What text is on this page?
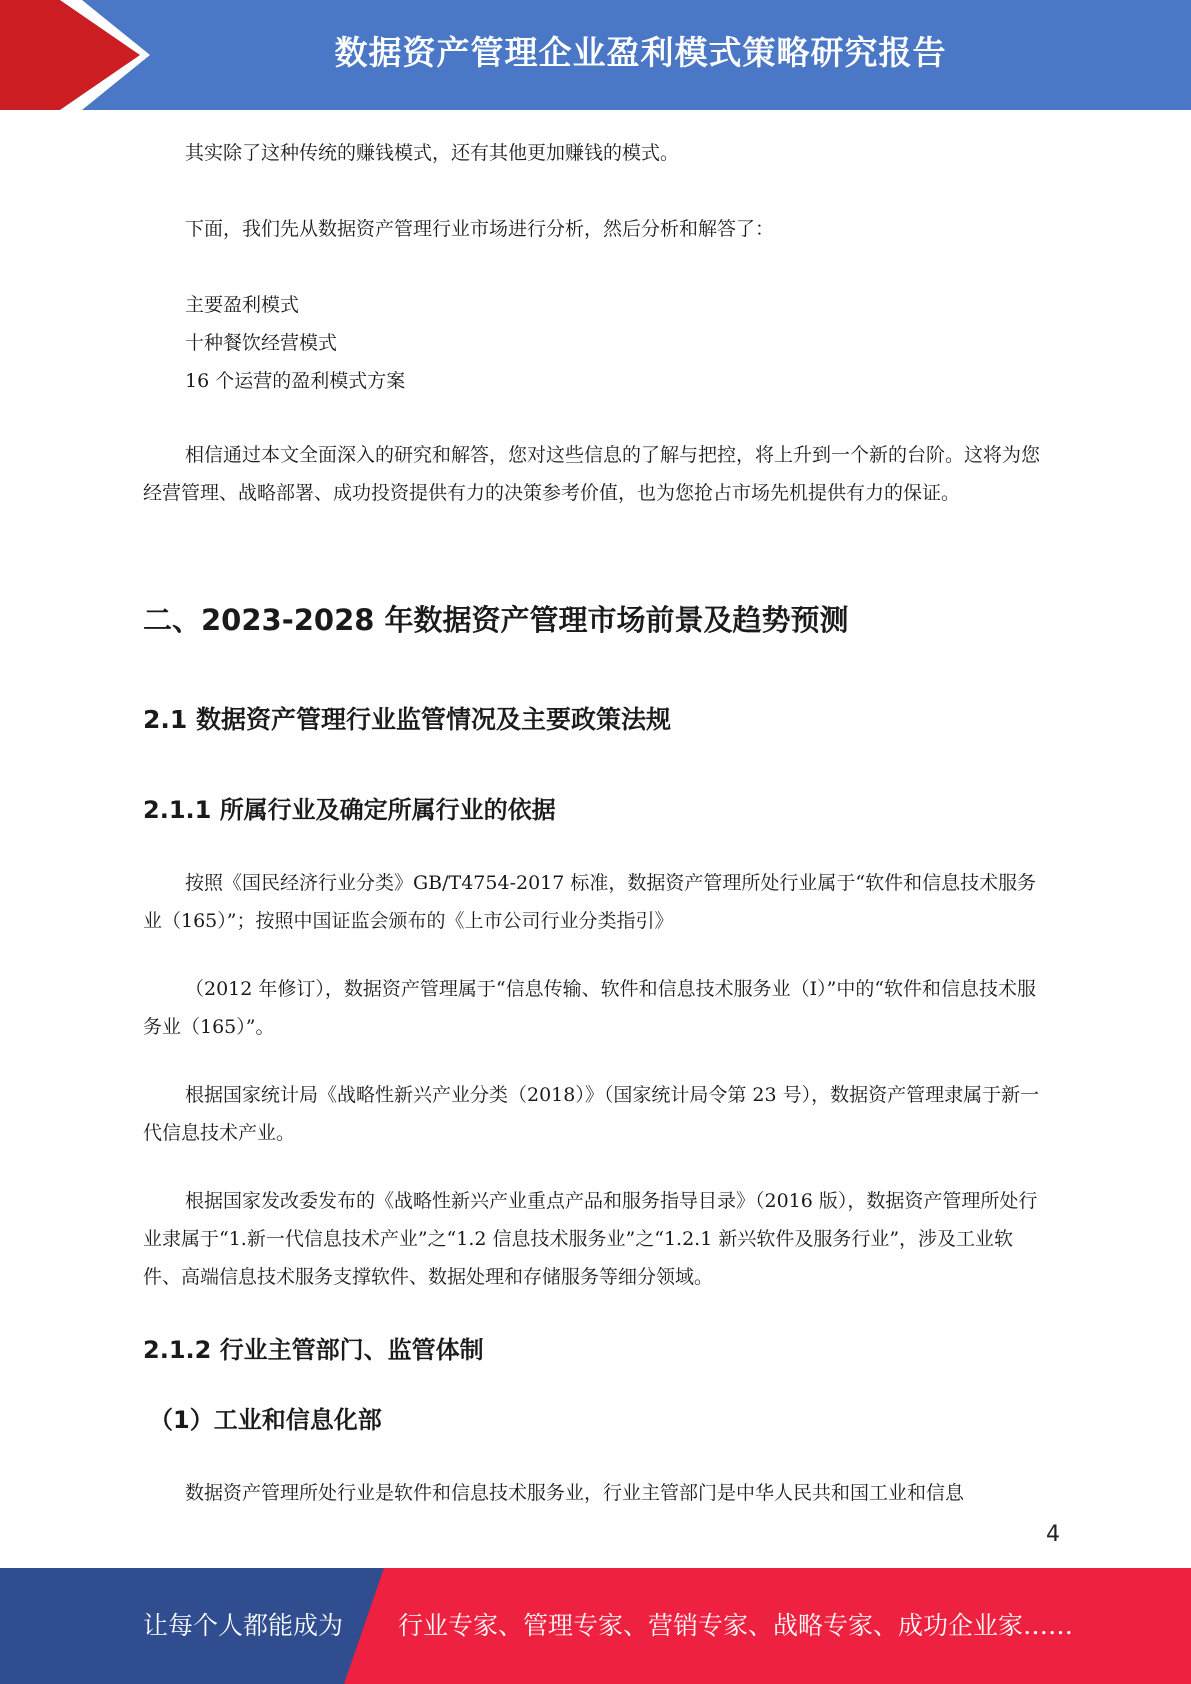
数据资产管理企业盈利模式策略研究报告

其实除了这种传统的赚钱模式，还有其他更加赚钱的模式。

下面，我们先从数据资产管理行业市场进行分析，然后分析和解答了：

主要盈利模式

十种餐饮经营模式

16 个运营的盈利模式方案

相信通过本文全面深入的研究和解答，您对这些信息的了解与把控，将上升到一个新的台阶。这将为您经营管理、战略部署、成功投资提供有力的决策参考价值，也为您抢占市场先机提供有力的保证。

二、2023-2028 年数据资产管理市场前景及趋势预测
2.1 数据资产管理行业监管情况及主要政策法规
2.1.1 所属行业及确定所属行业的依据

按照《国民经济行业分类》GB/T4754-2017 标准，数据资产管理所处行业属于“软件和信息技术服务业（165）”；按照中国证监会颁布的《上市公司行业分类指引》

（2012 年修订），数据资产管理属于“信息传输、软件和信息技术服务业（I）”中的“软件和信息技术服务业（165）”。

根据国家统计局《战略性新兴产业分类（2018）》（国家统计局令第 23 号），数据资产管理隶属于新一代信息技术产业。

根据国家发改委发布的《战略性新兴产业重点产品和服务指导目录》（2016 版），数据资产管理所处行业隶属于“1.新一代信息技术产业”之“1.2 信息技术服务业”之“1.2.1 新兴软件及服务行业”，涉及工业软件、高端信息技术服务支撑软件、数据处理和存储服务等细分领域。

2.1.2 行业主管部门、监管体制
（1）工业和信息化部

数据资产管理所处行业是软件和信息技术服务业，行业主管部门是中华人民共和国工业和信息

4
让每个人都能成为 行业专家、管理专家、营销专家、战略专家、成功企业家……
